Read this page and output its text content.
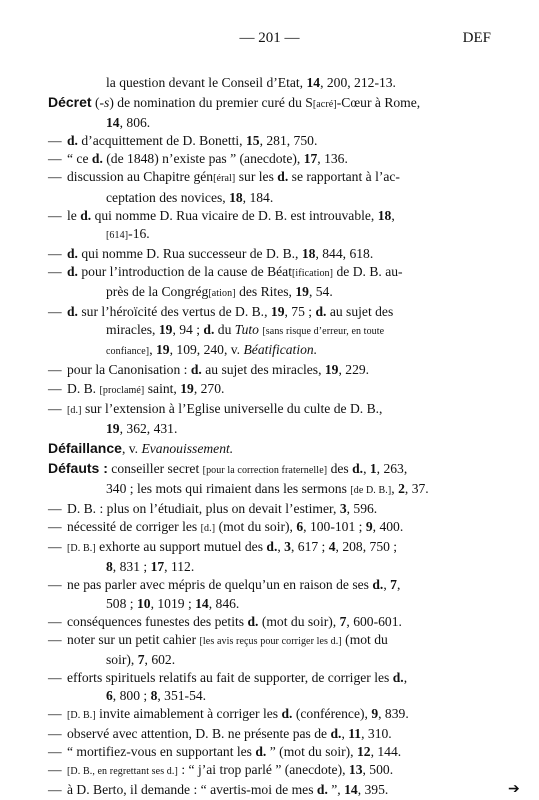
— 201 —	DEF
la question devant le Conseil d’Etat, 14, 200, 212-13.
Décret (-s) de nomination du premier curé du S[acré]-Cœur à Rome,
14, 806.
— d. d’acquittement de D. Bonetti, 15, 281, 750.
— “ ce d. (de 1848) n’existe pas ” (anecdote), 17, 136.
— discussion au Chapitre gén[éral] sur les d. se rapportant à l’ac-
ceptation des novices, 18, 184.
— le d. qui nomme D. Rua vicaire de D. B. est introuvable, 18,
[614]-16.
— d. qui nomme D. Rua successeur de D. B., 18, 844, 618.
— d. pour l’introduction de la cause de Béat[ification] de D. B. au-
près de la Congrég[ation] des Rites, 19, 54.
— d. sur l’héroïcité des vertus de D. B., 19, 75 ; d. au sujet des
miracles, 19, 94 ; d. du Tuto [sans risque d’erreur, en toute
confiance], 19, 109, 240, v. Béatification.
— pour la Canonisation : d. au sujet des miracles, 19, 229.
— D. B. [proclamé] saint, 19, 270.
— [d.] sur l’extension à l’Eglise universelle du culte de D. B.,
19, 362, 431.
Défaillance, v. Evanouissement.
Défauts : conseiller secret [pour la correction fraternelle] des d., 1, 263,
340 ; les mots qui rimaient dans les sermons [de D. B.], 2, 37.
— D. B. : plus on l’étudiait, plus on devait l’estimer, 3, 596.
— nécessité de corriger les [d.] (mot du soir), 6, 100-101 ; 9, 400.
— [D. B.] exhorte au support mutuel des d., 3, 617 ; 4, 208, 750 ;
8, 831 ; 17, 112.
— ne pas parler avec mépris de quelqu’un en raison de ses d., 7,
508 ; 10, 1019 ; 14, 846.
— conséquences funestes des petits d. (mot du soir), 7, 600-601.
— noter sur un petit cahier [les avis reçus pour corriger les d.] (mot du
soir), 7, 602.
— efforts spirituels relatifs au fait de supporter, de corriger les d.,
6, 800 ; 8, 351-54.
— [D. B.] invite aimablement à corriger les d. (conférence), 9, 839.
— observé avec attention, D. B. ne présente pas de d., 11, 310.
— “ mortifiez-vous en supportant les d. ” (mot du soir), 12, 144.
— [D. B., en regrettant ses d.] : “ j’ai trop parlé ” (anecdote), 13, 500.
— à D. Berto, il demande : “ avertis-moi de mes d. ”, 14, 395.	➔
